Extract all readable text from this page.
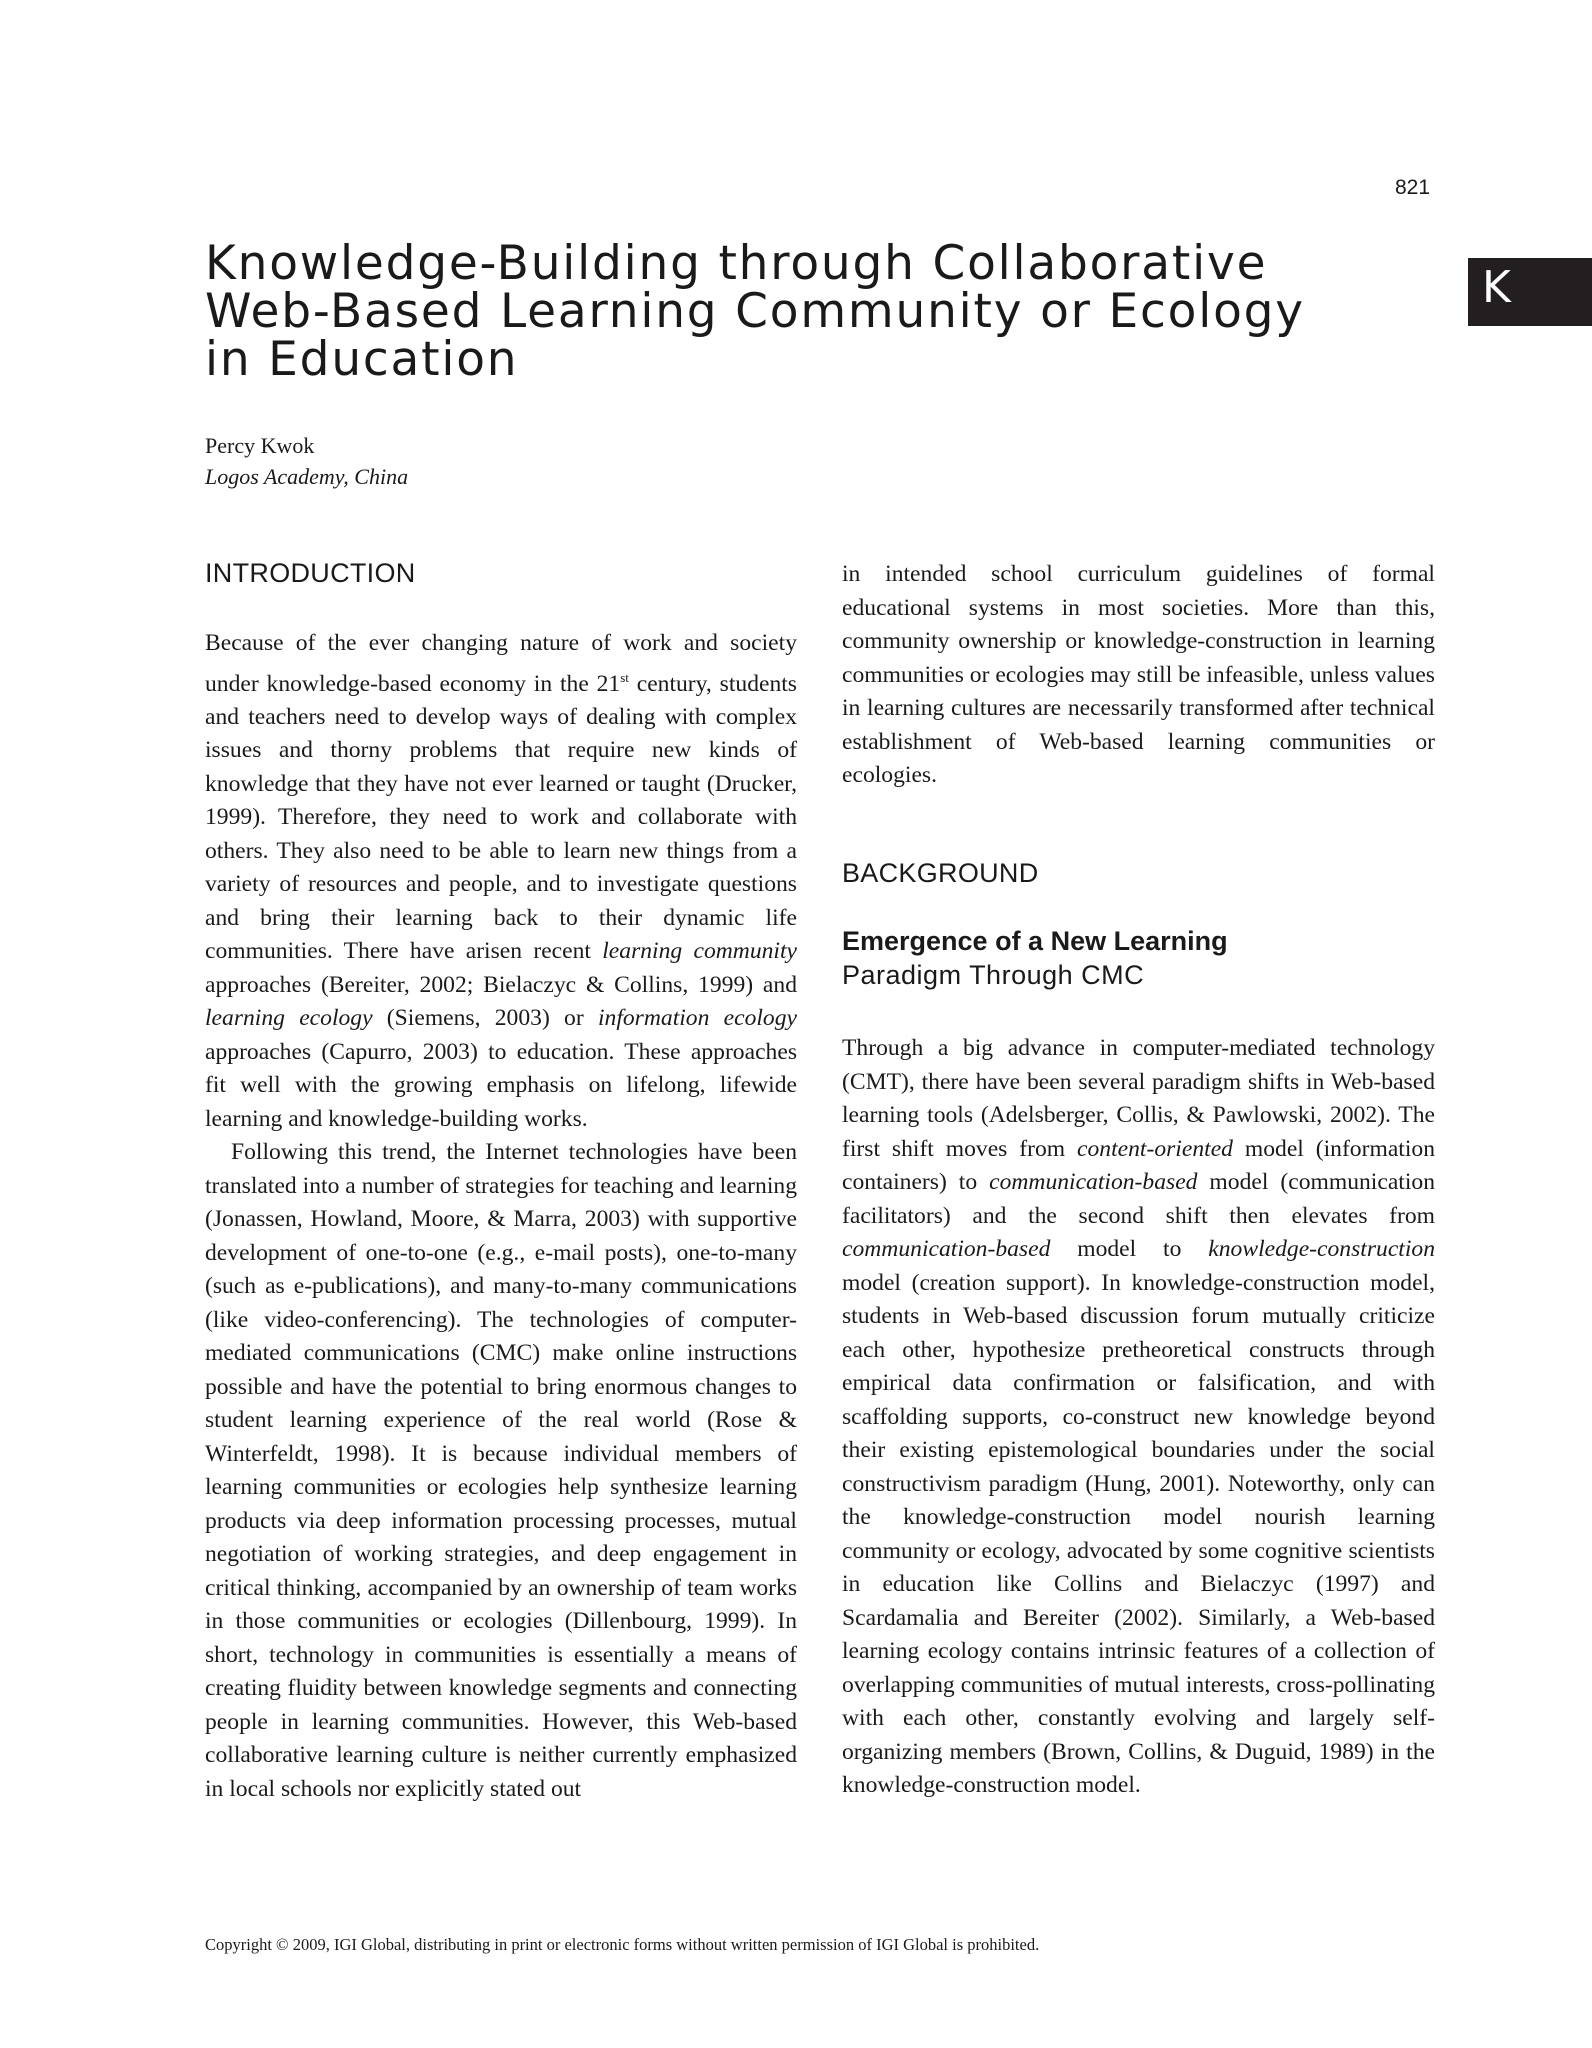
821
K
Knowledge-Building through Collaborative
Web-Based Learning Community or Ecology
in Education
Percy Kwok
Logos Academy, China
INTRODUCTION

Because of the ever changing nature of work and society under knowledge-based economy in the 21st century, students and teachers need to develop ways of dealing with complex issues and thorny problems that require new kinds of knowledge that they have not ever learned or taught (Drucker, 1999). Therefore, they need to work and collaborate with others. They also need to be able to learn new things from a variety of resources and people, and to investigate questions and bring their learning back to their dynamic life communities. There have arisen recent learning community approaches (Bereiter, 2002; Bielaczyc & Collins, 1999) and learning ecology (Siemens, 2003) or information ecology approaches (Capurro, 2003) to education. These approaches fit well with the growing emphasis on lifelong, lifewide learning and knowledge-building works.

Following this trend, the Internet technologies have been translated into a number of strategies for teaching and learning (Jonassen, Howland, Moore, & Marra, 2003) with supportive development of one-to-one (e.g., e-mail posts), one-to-many (such as e-publications), and many-to-many communications (like video-conferencing). The technologies of computer-mediated communications (CMC) make online instructions possible and have the potential to bring enormous changes to student learning experience of the real world (Rose & Winterfeldt, 1998). It is because individual members of learning communities or ecologies help synthesize learning products via deep information processing processes, mutual negotiation of working strategies, and deep engagement in critical thinking, accompanied by an ownership of team works in those communities or ecologies (Dillenbourg, 1999). In short, technology in communities is essentially a means of creating fluidity between knowledge segments and connecting people in learning communities. However, this Web-based collaborative learning culture is neither currently emphasized in local schools nor explicitly stated out

in intended school curriculum guidelines of formal educational systems in most societies. More than this, community ownership or knowledge-construction in learning communities or ecologies may still be infeasible, unless values in learning cultures are necessarily transformed after technical establishment of Web-based learning communities or ecologies.

BACKGROUND
Emergence of a New Learning
Paradigm Through CMC

Through a big advance in computer-mediated technology (CMT), there have been several paradigm shifts in Web-based learning tools (Adelsberger, Collis, & Pawlowski, 2002). The first shift moves from content-oriented model (information containers) to communication-based model (communication facilitators) and the second shift then elevates from communication-based model to knowledge-construction model (creation support). In knowledge-construction model, students in Web-based discussion forum mutually criticize each other, hypothesize pretheoretical constructs through empirical data confirmation or falsification, and with scaffolding supports, co-construct new knowledge beyond their existing epistemological boundaries under the social constructivism paradigm (Hung, 2001). Noteworthy, only can the knowledge-construction model nourish learning community or ecology, advocated by some cognitive scientists in education like Collins and Bielaczyc (1997) and Scardamalia and Bereiter (2002). Similarly, a Web-based learning ecology contains intrinsic features of a collection of overlapping communities of mutual interests, cross-pollinating with each other, constantly evolving and largely self-organizing members (Brown, Collins, & Duguid, 1989) in the knowledge-construction model.

Copyright © 2009, IGI Global, distributing in print or electronic forms without written permission of IGI Global is prohibited.
